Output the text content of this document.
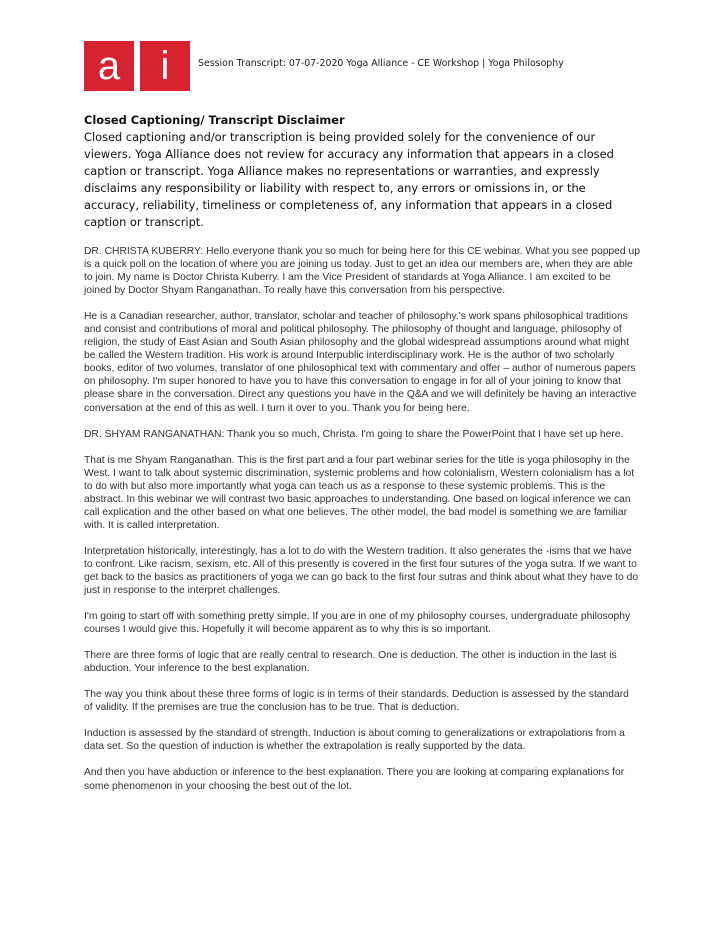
a	i	Session Transcript: 07-07-2020 Yoga Alliance - CE Workshop | Yoga Philosophy

Closed Captioning/ Transcript Disclaimer

Closed captioning and/or transcription is being provided solely for the convenience of our viewers. Yoga Alliance does not review for accuracy any information that appears in a closed caption or transcript. Yoga Alliance makes no representations or warranties, and expressly disclaims any responsibility or liability with respect to, any errors or omissions in, or the accuracy, reliability, timeliness or completeness of, any information that appears in a closed caption or transcript.

DR. CHRISTA KUBERRY: Hello everyone thank you so much for being here for this CE webinar. What you see popped up is a quick poll on the location of where you are joining us today. Just to get an idea our members are, when they are able to join. My name is Doctor Christa Kuberry. I am the Vice President of standards at Yoga Alliance. I am excited to be joined by Doctor Shyam Ranganathan. To really have this conversation from his perspective.

He is a Canadian researcher, author, translator, scholar and teacher of philosophy.'s work spans philosophical traditions and consist and contributions of moral and political philosophy. The philosophy of thought and language, philosophy of religion, the study of East Asian and South Asian philosophy and the global widespread assumptions around what might be called the Western tradition. His work is around Interpublic interdisciplinary work. He is the author of two scholarly books, editor of two volumes, translator of one philosophical text with commentary and offer – author of numerous papers on philosophy. I'm super honored to have you to have this conversation to engage in for all of your joining to know that please share in the conversation. Direct any questions you have in the Q&A and we will definitely be having an interactive conversation at the end of this as well. I turn it over to you. Thank you for being here.

DR. SHYAM RANGANATHAN: Thank you so much, Christa. I'm going to share the PowerPoint that I have set up here.

That is me Shyam Ranganathan. This is the first part and a four part webinar series for the title is yoga philosophy in the West. I want to talk about systemic discrimination, systemic problems and how colonialism, Western colonialism has a lot to do with but also more importantly what yoga can teach us as a response to these systemic problems. This is the abstract. In this webinar we will contrast two basic approaches to understanding. One based on logical inference we can call explication and the other based on what one believes. The other model, the bad model is something we are familiar with. It is called interpretation.

Interpretation historically, interestingly, has a lot to do with the Western tradition. It also generates the -isms that we have to confront. Like racism, sexism, etc. All of this presently is covered in the first four sutures of the yoga sutra. If we want to get back to the basics as practitioners of yoga we can go back to the first four sutras and think about what they have to do just in response to the interpret challenges.

I'm going to start off with something pretty simple. If you are in one of my philosophy courses, undergraduate philosophy courses I would give this. Hopefully it will become apparent as to why this is so important.

There are three forms of logic that are really central to research. One is deduction. The other is induction in the last is abduction. Your inference to the best explanation.

The way you think about these three forms of logic is in terms of their standards. Deduction is assessed by the standard of validity. If the premises are true the conclusion has to be true. That is deduction.

Induction is assessed by the standard of strength. Induction is about coming to generalizations or extrapolations from a data set. So the question of induction is whether the extrapolation is really supported by the data.

And then you have abduction or inference to the best explanation. There you are looking at comparing explanations for some phenomenon in your choosing the best out of the lot.
